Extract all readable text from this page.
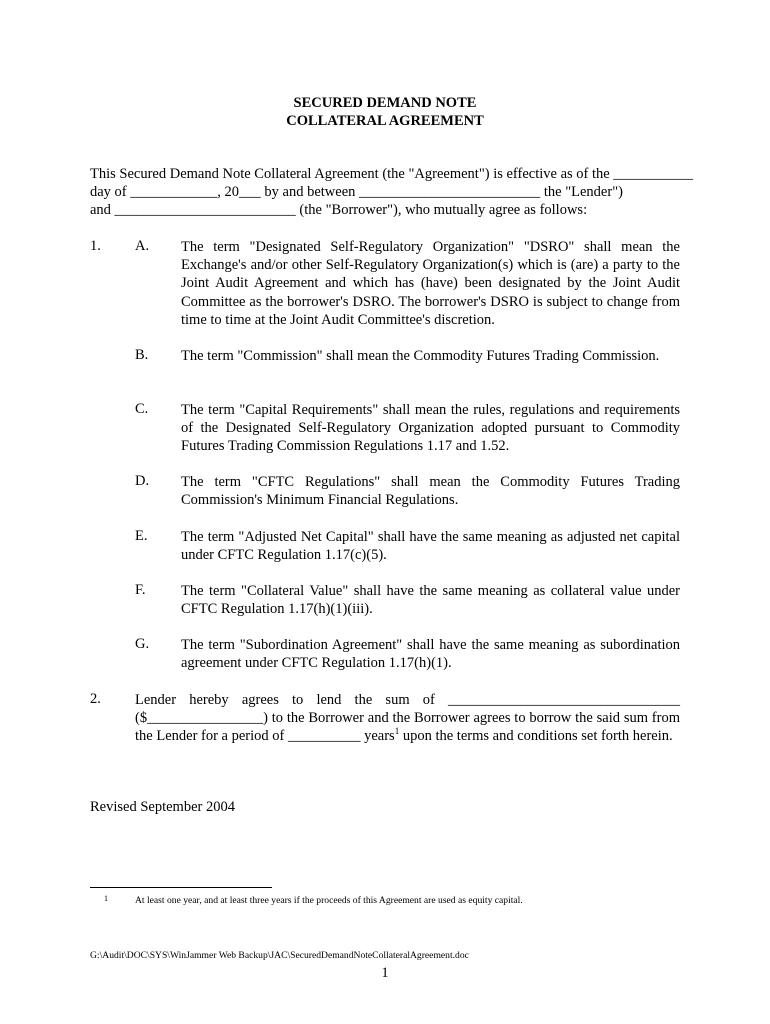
SECURED DEMAND NOTE
COLLATERAL AGREEMENT
This Secured Demand Note Collateral Agreement (the "Agreement") is effective as of the ___________
day of ____________, 20___ by and between _________________________ the "Lender")
and _________________________ (the "Borrower"), who mutually agree as follows:
1. A. The term "Designated Self-Regulatory Organization" "DSRO" shall mean the Exchange's and/or other Self-Regulatory Organization(s) which is (are) a party to the Joint Audit Agreement and which has (have) been designated by the Joint Audit Committee as the borrower's DSRO. The borrower's DSRO is subject to change from time to time at the Joint Audit Committee's discretion.
B. The term "Commission" shall mean the Commodity Futures Trading Commission.
C. The term "Capital Requirements" shall mean the rules, regulations and requirements of the Designated Self-Regulatory Organization adopted pursuant to Commodity Futures Trading Commission Regulations 1.17 and 1.52.
D. The term "CFTC Regulations" shall mean the Commodity Futures Trading Commission's Minimum Financial Regulations.
E. The term "Adjusted Net Capital" shall have the same meaning as adjusted net capital under CFTC Regulation 1.17(c)(5).
F. The term "Collateral Value" shall have the same meaning as collateral value under CFTC Regulation 1.17(h)(1)(iii).
G. The term "Subordination Agreement" shall have the same meaning as subordination agreement under CFTC Regulation 1.17(h)(1).
2. Lender hereby agrees to lend the sum of ________________________________ ($________________) to the Borrower and the Borrower agrees to borrow the said sum from the Lender for a period of __________ years$^1$ upon the terms and conditions set forth herein.
Revised September 2004
1	At least one year, and at least three years if the proceeds of this Agreement are used as equity capital.
G:\Audit\DOC\SYS\WinJammer Web Backup\JAC\SecuredDemandNoteCollateralAgreement.doc
1
